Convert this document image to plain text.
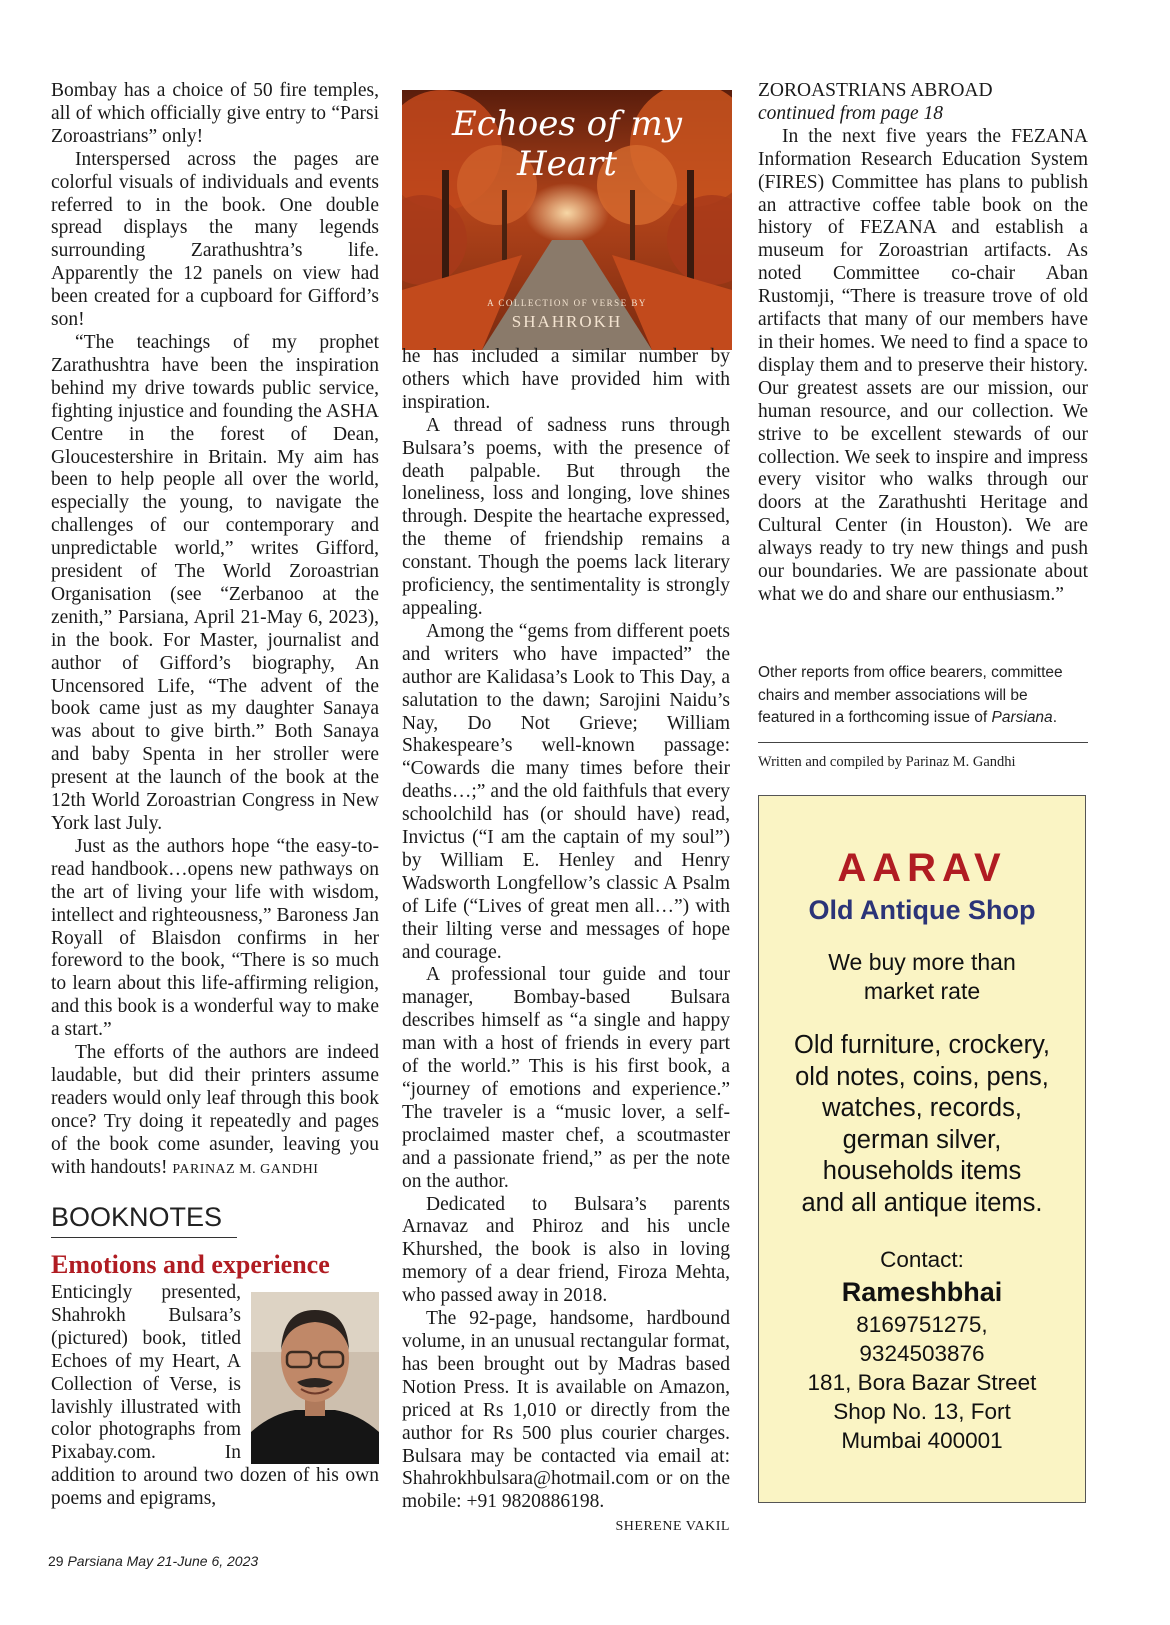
Bombay has a choice of 50 fire temples, all of which officially give entry to “Parsi Zoroastrians” only!

Interspersed across the pages are colorful visuals of individuals and events referred to in the book. One double spread displays the many legends surrounding Zarathushtra’s life. Apparently the 12 panels on view had been created for a cupboard for Gifford’s son!

“The teachings of my prophet Zarathushtra have been the inspiration behind my drive towards public service, fighting injustice and founding the ASHA Centre in the forest of Dean, Gloucestershire in Britain. My aim has been to help people all over the world, especially the young, to navigate the challenges of our contemporary and unpredictable world,” writes Gifford, president of The World Zoroastrian Organisation (see “Zerbanoo at the zenith,” Parsiana, April 21-May 6, 2023), in the book. For Master, journalist and author of Gifford’s biography, An Uncensored Life, “The advent of the book came just as my daughter Sanaya was about to give birth.” Both Sanaya and baby Spenta in her stroller were present at the launch of the book at the 12th World Zoroastrian Congress in New York last July.

Just as the authors hope “the easy-to-read handbook…opens new pathways on the art of living your life with wisdom, intellect and righteousness,” Baroness Jan Royall of Blaisdon confirms in her foreword to the book, “There is so much to learn about this life-affirming religion, and this book is a wonderful way to make a start.”

The efforts of the authors are indeed laudable, but did their printers assume readers would only leaf through this book once? Try doing it repeatedly and pages of the book come asunder, leaving you with handouts! PARINAZ M. GANDHI

BOOKNOTES
Emotions and experience

Enticingly presented, Shahrokh Bulsara’s (pictured) book, titled Echoes of my Heart, A Collection of Verse, is lavishly illustrated with color photographs from Pixabay.com. In addition to around two dozen of his own poems and epigrams,

Echoes of my Heart
A COLLECTION OF VERSE BY
SHAHROKH

he has included a similar number by others which have provided him with inspiration.

A thread of sadness runs through Bulsara’s poems, with the presence of death palpable. But through the loneliness, loss and longing, love shines through. Despite the heartache expressed, the theme of friendship remains a constant. Though the poems lack literary proficiency, the sentimentality is strongly appealing.

Among the “gems from different poets and writers who have impacted” the author are Kalidasa’s Look to This Day, a salutation to the dawn; Sarojini Naidu’s Nay, Do Not Grieve; William Shakespeare’s well-known passage: “Cowards die many times before their deaths…;” and the old faithfuls that every schoolchild has (or should have) read, Invictus (“I am the captain of my soul”) by William E. Henley and Henry Wadsworth Longfellow’s classic A Psalm of Life (“Lives of great men all…”) with their lilting verse and messages of hope and courage.

A professional tour guide and tour manager, Bombay-based Bulsara describes himself as “a single and happy man with a host of friends in every part of the world.” This is his first book, a “journey of emotions and experience.” The traveler is a “music lover, a self-proclaimed master chef, a scoutmaster and a passionate friend,” as per the note on the author.

Dedicated to Bulsara’s parents Arnavaz and Phiroz and his uncle Khurshed, the book is also in loving memory of a dear friend, Firoza Mehta, who passed away in 2018.

The 92-page, handsome, hardbound volume, in an unusual rectangular format, has been brought out by Madras based Notion Press. It is available on Amazon, priced at Rs 1,010 or directly from the author for Rs 500 plus courier charges. Bulsara may be contacted via email at: Shahrokhbulsara@hotmail.com or on the mobile: +91 9820886198.

SHERENE VAKIL
ZOROASTRIANS ABROAD
continued from page 18

In the next five years the FEZANA Information Research Education System (FIRES) Committee has plans to publish an attractive coffee table book on the history of FEZANA and establish a museum for Zoroastrian artifacts. As noted Committee co-chair Aban Rustomji, “There is treasure trove of old artifacts that many of our members have in their homes. We need to find a space to display them and to preserve their history. Our greatest assets are our mission, our human resource, and our collection. We strive to be excellent stewards of our collection. We seek to inspire and impress every visitor who walks through our doors at the Zarathushti Heritage and Cultural Center (in Houston). We are always ready to try new things and push our boundaries. We are passionate about what we do and share our enthusiasm.”

Other reports from office bearers, committee chairs and member associations will be featured in a forthcoming issue of Parsiana.
Written and compiled by Parinaz M. Gandhi
AARAV
Old Antique Shop
We buy more than
market rate
Old furniture, crockery,
old notes, coins, pens,
watches, records,
german silver,
households items
and all antique items.
Contact:
Rameshbhai
8169751275,
9324503876
181, Bora Bazar Street
Shop No. 13, Fort
Mumbai 400001
29 Parsiana May 21-June 6, 2023
